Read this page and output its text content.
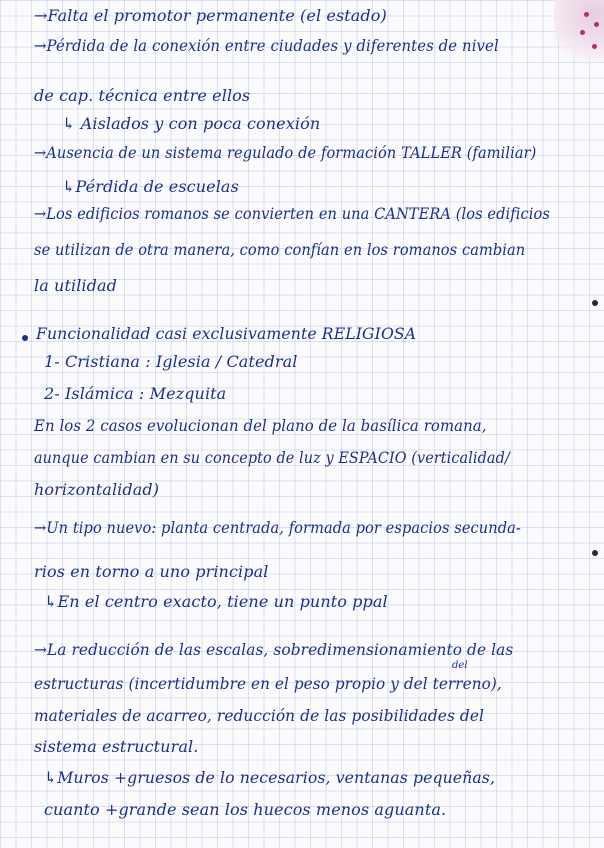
→Falta el promotor permanente (el estado)
→Pérdida de la conexión entre ciudades y diferentes de nivel
de cap. técnica entre ellos
↳ Aislados y con poca conexión
→Ausencia de un sistema regulado de formación TALLER (familiar)
↳Pérdida de escuelas
→Los edificios romanos se convierten en una CANTERA (los edificios
se utilizan de otra manera, como confían en los romanos cambian
la utilidad
Funcionalidad casi exclusivamente RELIGIOSA
1- Cristiana : Iglesia / Catedral
2- Islámica : Mezquita
En los 2 casos evolucionan del plano de la basílica romana,
aunque cambian en su concepto de luz y ESPACIO (verticalidad/
horizontalidad)
→Un tipo nuevo: planta centrada, formada por espacios secunda-
rios en torno a uno principal
↳En el centro exacto, tiene un punto ppal
→La reducción de las escalas, sobredimensionamiento de las
del
estructuras (incertidumbre en el peso propio y del terreno),
materiales de acarreo, reducción de las posibilidades del
sistema estructural.
↳Muros +gruesos de lo necesarios, ventanas pequeñas,
cuanto +grande sean los huecos menos aguanta.
